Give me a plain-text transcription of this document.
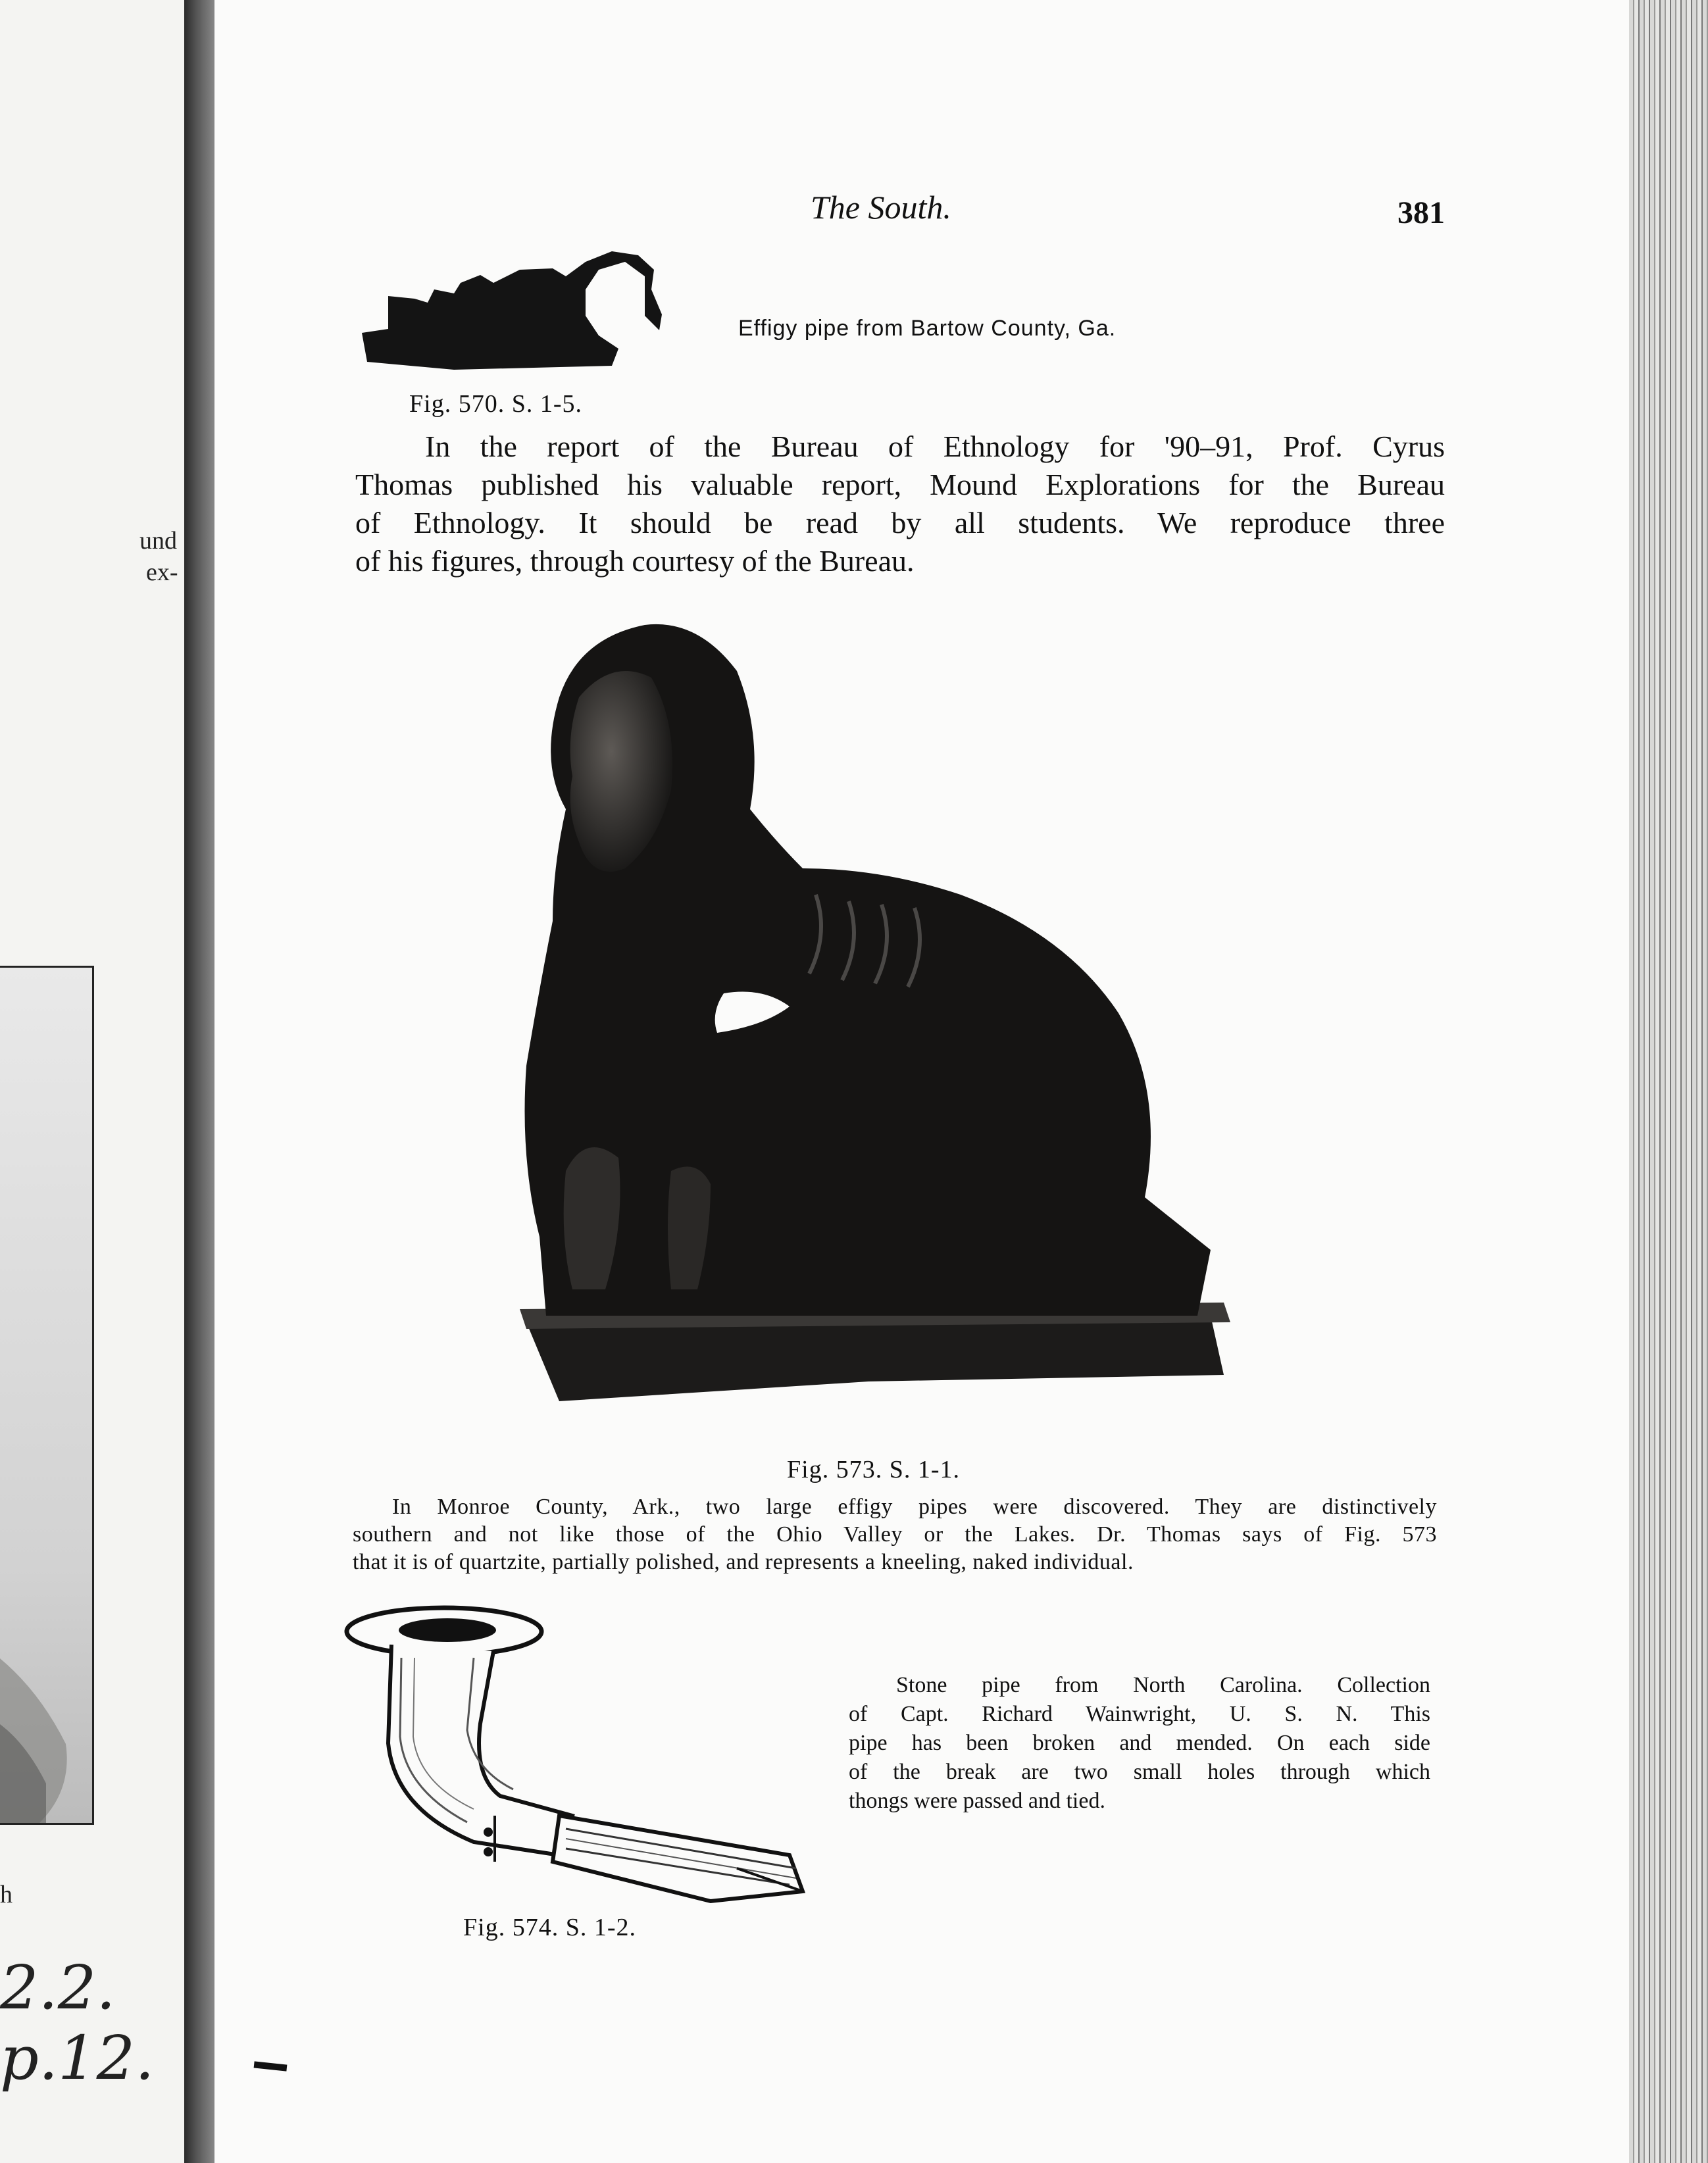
und
ex-
h
2.2. p.12.
The South.	381
Effigy pipe from Bartow County, Ga.
Fig. 570. S. 1-5.
In the report of the Bureau of Ethnology for '90–91, Prof. Cyrus
Thomas published his valuable report, Mound Explorations for the Bureau
of Ethnology. It should be read by all students. We reproduce three
of his figures, through courtesy of the Bureau.
Fig. 573. S. 1-1.
In Monroe County, Ark., two large effigy pipes were discovered. They are distinctively
southern and not like those of the Ohio Valley or the Lakes. Dr. Thomas says of Fig. 573
that it is of quartzite, partially polished, and represents a kneeling, naked individual.
Stone pipe from North Carolina. Collection
of Capt. Richard Wainwright, U. S. N. This
pipe has been broken and mended. On each side
of the break are two small holes through which
thongs were passed and tied.
Fig. 574. S. 1-2.
